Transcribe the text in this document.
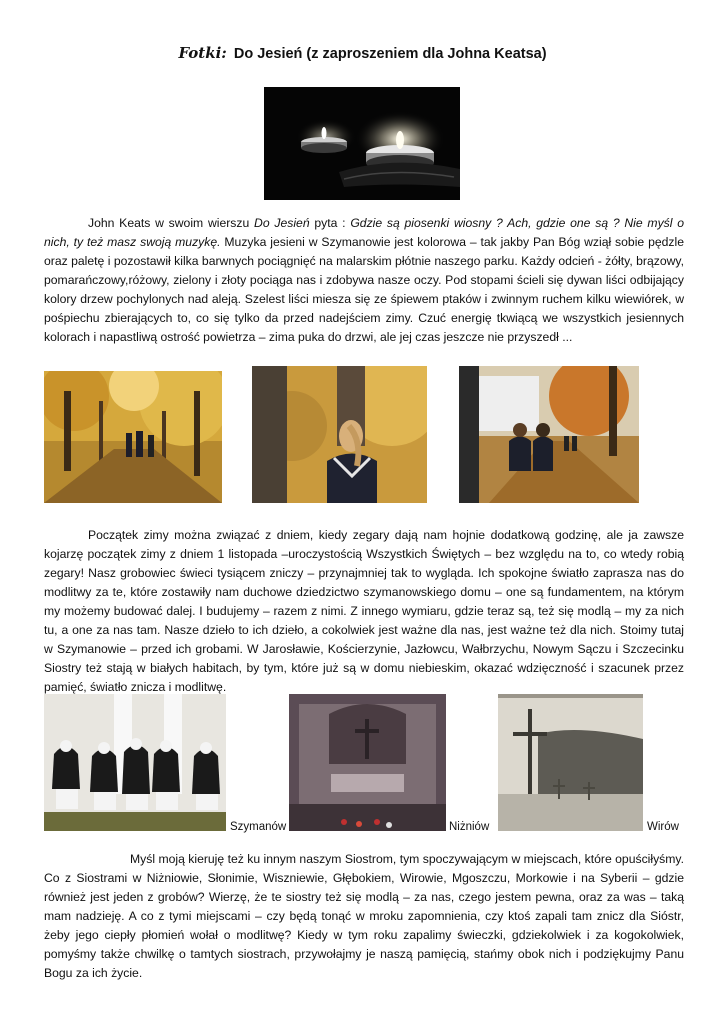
Fotki: Do Jesień (z zaproszeniem dla Johna Keatsa)
John Keats w swoim wierszu Do Jesień pyta : Gdzie są piosenki wiosny ? Ach, gdzie one są ? Nie myśl o nich, ty też masz swoją muzykę. Muzyka jesieni w Szymanowie jest kolorowa – tak jakby Pan Bóg wziął sobie pędzle oraz paletę i pozostawił kilka barwnych pociągnięć na malarskim płótnie naszego parku. Każdy odcień - żółty, brązowy, pomarańczowy,różowy, zielony i złoty pociąga nas i zdobywa nasze oczy. Pod stopami ścieli się dywan liści odbijający kolory drzew pochylonych nad aleją. Szelest liści miesza się ze śpiewem ptaków i zwinnym ruchem kilku wiewiórek, w pośpiechu zbierających to, co się tylko da przed nadejściem zimy. Czuć energię tkwiącą we wszystkich jesiennych kolorach i napastliwą ostrość powietrza – zima puka do drzwi, ale jej czas jeszcze nie przyszedł ...
Początek zimy można związać z dniem, kiedy zegary dają nam hojnie dodatkową godzinę, ale ja zawsze kojarzę początek zimy z dniem 1 listopada –uroczystością Wszystkich Świętych – bez względu na to, co wtedy robią zegary! Nasz grobowiec świeci tysiącem zniczy – przynajmniej tak to wygląda. Ich spokojne światło zaprasza nas do modlitwy za te, które zostawiły nam duchowe dziedzictwo szymanowskiego domu – one są fundamentem, na którym my możemy budować dalej. I budujemy – razem z nimi. Z innego wymiaru, gdzie teraz są, też się modlą – my za nich tu, a one za nas tam. Nasze dzieło to ich dzieło, a cokolwiek jest ważne dla nas, jest ważne też dla nich. Stoimy tutaj w Szymanowie – przed ich grobami. W Jarosławie, Kościerzynie, Jazłowcu, Wałbrzychu, Nowym Sączu i Szczecinku Siostry też stają w białych habitach, by tym, które już są w domu niebieskim, okazać wdzięczność i szacunek przez pamięć, światło znicza i modlitwę.
Szymanów	Niżniów	Wirów
Myśl moją kieruję też ku innym naszym Siostrom, tym spoczywającym w miejscach, które opuściłyśmy. Co z Siostrami w Niżniowie, Słonimie, Wiszniewie, Głębokiem, Wirowie, Mgoszczu, Morkowie i na Syberii – gdzie również jest jeden z grobów? Wierzę, że te siostry też się modlą – za nas, czego jestem pewna, oraz za was – taką mam nadzieję. A co z tymi miejscami – czy będą tonąć w mroku zapomnienia, czy ktoś zapali tam znicz dla Sióstr, żeby jego ciepły płomień wołał o modlitwę? Kiedy w tym roku zapalimy świeczki, gdziekolwiek i za kogokolwiek, pomyśmy także chwilkę o tamtych siostrach, przywołajmy je naszą pamięcią, stańmy obok nich i podziękujmy Panu Bogu za ich życie.
